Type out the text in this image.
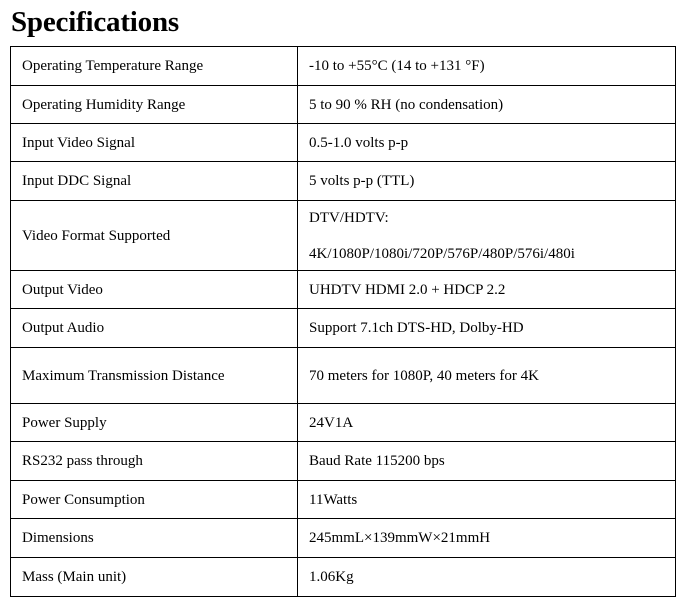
Specifications
Operating Temperature Range	-10 to +55°C (14 to +131 °F)
Operating Humidity Range	5 to 90 % RH (no condensation)
Input Video Signal	0.5-1.0 volts p-p
Input DDC Signal	5 volts p-p (TTL)
Video Format Supported	DTV/HDTV:
4K/1080P/1080i/720P/576P/480P/576i/480i

Output Video	UHDTV HDMI 2.0 + HDCP 2.2
Output Audio	Support 7.1ch DTS-HD, Dolby-HD
Maximum Transmission Distance	70 meters for 1080P, 40 meters for 4K
Power Supply	24V1A
RS232 pass through	Baud Rate 115200 bps
Power Consumption	11Watts
Dimensions	245mmL×139mmW×21mmH
Mass (Main unit)	1.06Kg
